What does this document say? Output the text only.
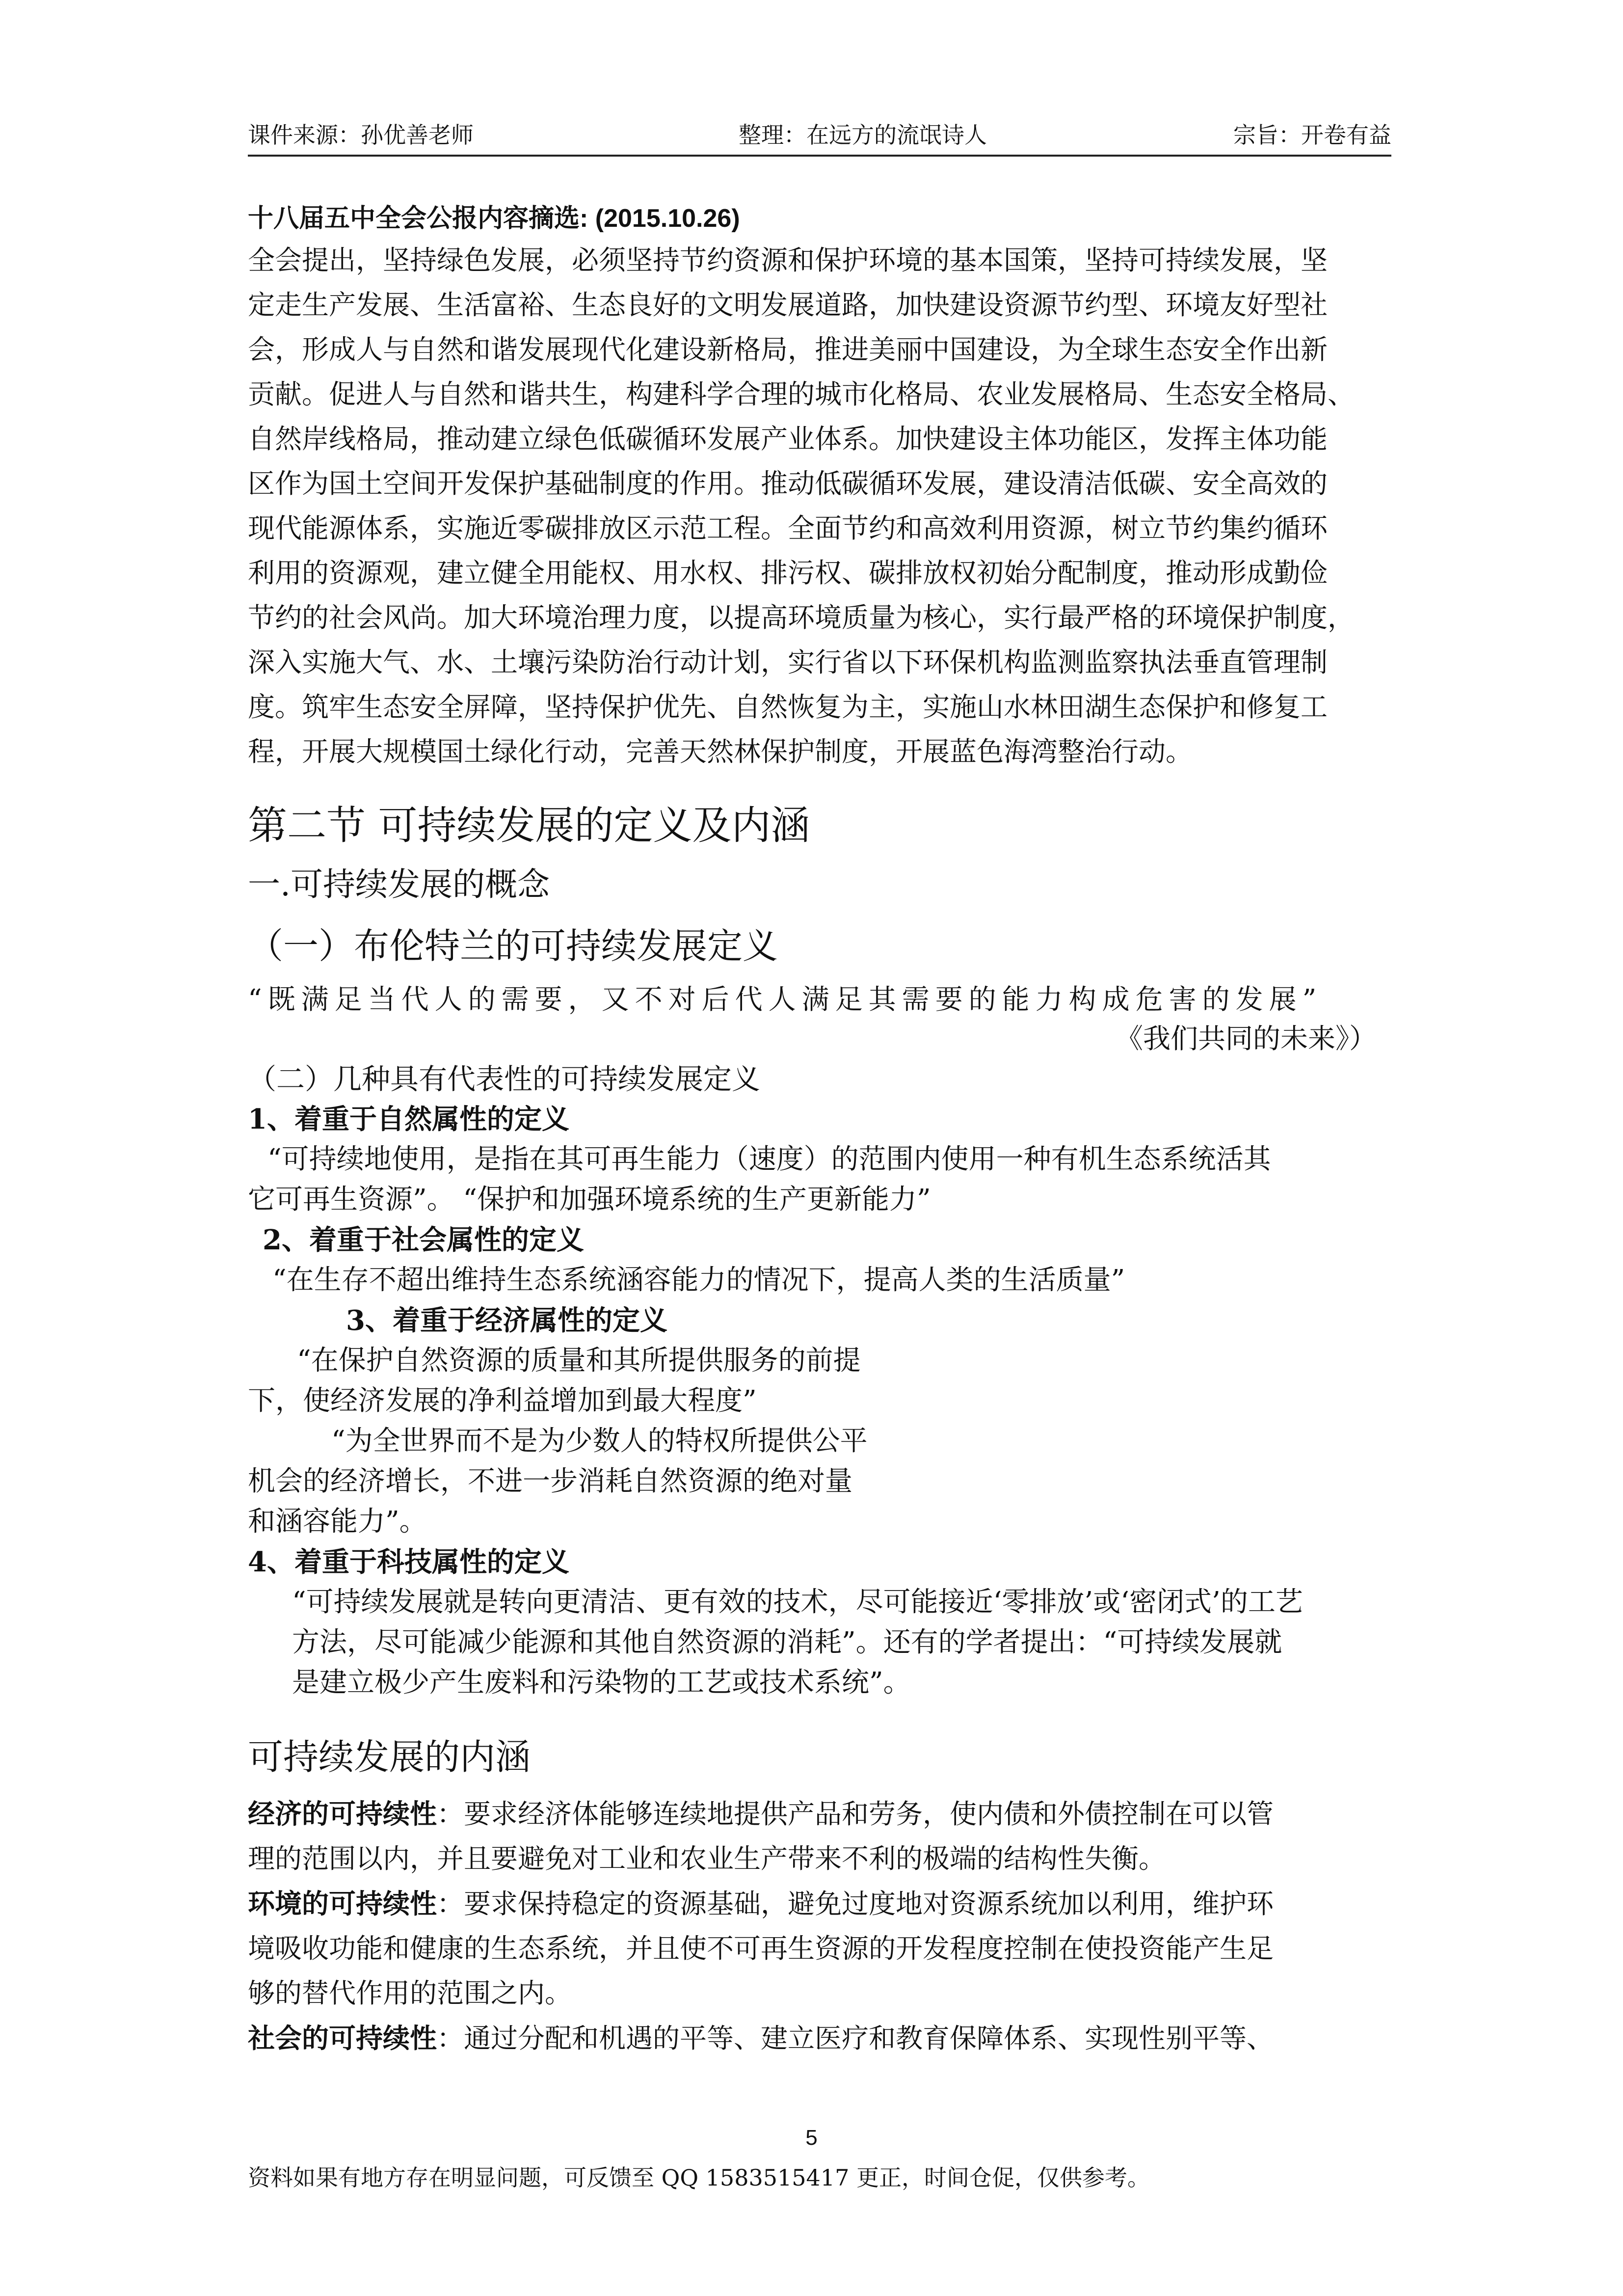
课件来源：孙优善老师	整理：在远方的流氓诗人	宗旨：开卷有益

十八届五中全会公报内容摘选: (2015.10.26)

全会提出，坚持绿色发展，必须坚持节约资源和保护环境的基本国策，坚持可持续发展，坚

定走生产发展、生活富裕、生态良好的文明发展道路，加快建设资源节约型、环境友好型社

会，形成人与自然和谐发展现代化建设新格局，推进美丽中国建设，为全球生态安全作出新

贡献。促进人与自然和谐共生，构建科学合理的城市化格局、农业发展格局、生态安全格局、

自然岸线格局，推动建立绿色低碳循环发展产业体系。加快建设主体功能区，发挥主体功能

区作为国土空间开发保护基础制度的作用。推动低碳循环发展，建设清洁低碳、安全高效的

现代能源体系，实施近零碳排放区示范工程。全面节约和高效利用资源，树立节约集约循环

利用的资源观，建立健全用能权、用水权、排污权、碳排放权初始分配制度，推动形成勤俭

节约的社会风尚。加大环境治理力度，以提高环境质量为核心，实行最严格的环境保护制度，

深入实施大气、水、土壤污染防治行动计划，实行省以下环保机构监测监察执法垂直管理制

度。筑牢生态安全屏障，坚持保护优先、自然恢复为主，实施山水林田湖生态保护和修复工

程，开展大规模国土绿化行动，完善天然林保护制度，开展蓝色海湾整治行动。

第二节 可持续发展的定义及内涵
一.可持续发展的概念
（一）布伦特兰的可持续发展定义

“既满足当代人的需要，又不对后代人满足其需要的能力构成危害的发展”

《我们共同的未来》）

（二）几种具有代表性的可持续发展定义

1、着重于自然属性的定义

“可持续地使用，是指在其可再生能力（速度）的范围内使用一种有机生态系统活其

它可再生资源”。 “保护和加强环境系统的生产更新能力”

2、着重于社会属性的定义

“在生存不超出维持生态系统涵容能力的情况下，提高人类的生活质量”

3、着重于经济属性的定义

“在保护自然资源的质量和其所提供服务的前提

下，使经济发展的净利益增加到最大程度”

“为全世界而不是为少数人的特权所提供公平

机会的经济增长，不进一步消耗自然资源的绝对量

和涵容能力”。

4、着重于科技属性的定义

“可持续发展就是转向更清洁、更有效的技术，尽可能接近‘零排放’或‘密闭式’的工艺

方法，尽可能减少能源和其他自然资源的消耗”。还有的学者提出：“可持续发展就

是建立极少产生废料和污染物的工艺或技术系统”。

可持续发展的内涵

经济的可持续性：要求经济体能够连续地提供产品和劳务，使内债和外债控制在可以管

理的范围以内，并且要避免对工业和农业生产带来不利的极端的结构性失衡。

环境的可持续性：要求保持稳定的资源基础，避免过度地对资源系统加以利用，维护环

境吸收功能和健康的生态系统，并且使不可再生资源的开发程度控制在使投资能产生足

够的替代作用的范围之内。

社会的可持续性：通过分配和机遇的平等、建立医疗和教育保障体系、实现性别平等、

5
资料如果有地方存在明显问题，可反馈至 QQ 1583515417 更正，时间仓促，仅供参考。
